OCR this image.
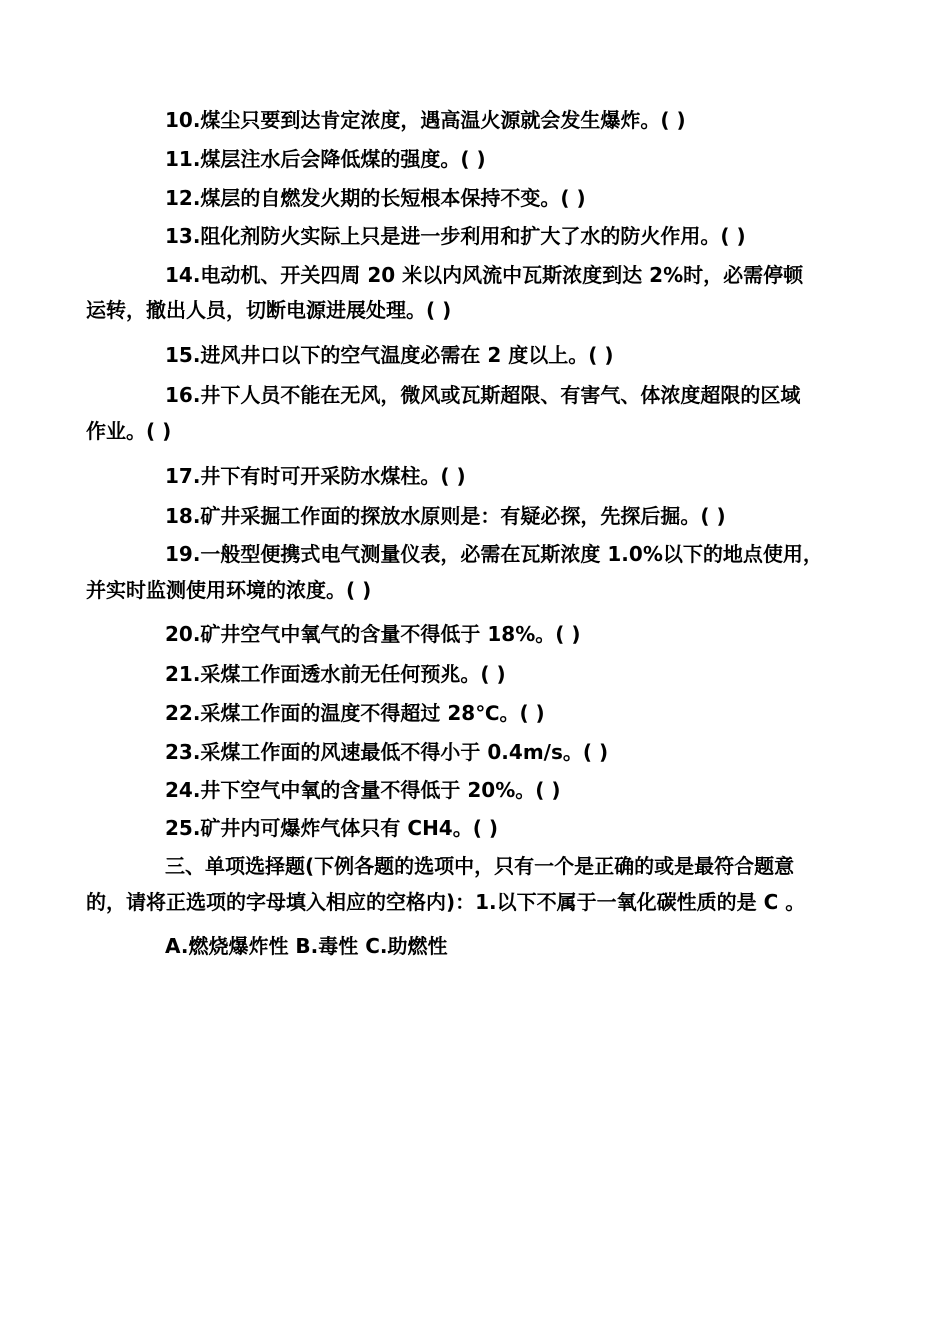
10.煤尘只要到达肯定浓度，遇高温火源就会发生爆炸。( )
11.煤层注水后会降低煤的强度。( )
12.煤层的自燃发火期的长短根本保持不变。( )
13.阻化剂防火实际上只是进一步利用和扩大了水的防火作用。( )
14.电动机、开关四周 20 米以内风流中瓦斯浓度到达 2%时，必需停顿
运转，撤出人员，切断电源进展处理。( )
15.进风井口以下的空气温度必需在 2 度以上。( )
16.井下人员不能在无风，微风或瓦斯超限、有害气、体浓度超限的区域
作业。( )
17.井下有时可开采防水煤柱。( )
18.矿井采掘工作面的探放水原则是：有疑必探，先探后掘。( )
19.一般型便携式电气测量仪表，必需在瓦斯浓度 1.0%以下的地点使用，
并实时监测使用环境的浓度。( )
20.矿井空气中氧气的含量不得低于 18%。( )
21.采煤工作面透水前无任何预兆。( )
22.采煤工作面的温度不得超过 28℃。( )
23.采煤工作面的风速最低不得小于 0.4m/s。( )
24.井下空气中氧的含量不得低于 20%。( )
25.矿井内可爆炸气体只有 CH4。( )
三、单项选择题(下例各题的选项中，只有一个是正确的或是最符合题意
的，请将正选项的字母填入相应的空格内)：1.以下不属于一氧化碳性质的是 C 。
A.燃烧爆炸性 B.毒性 C.助燃性
